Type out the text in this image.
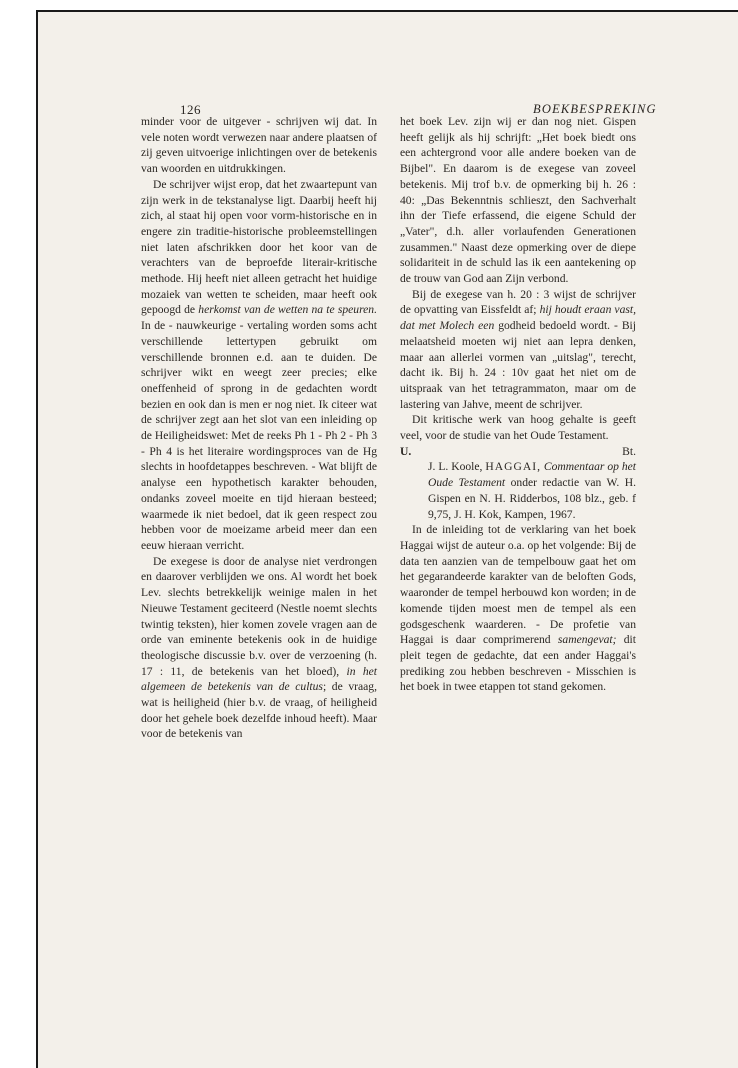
126	BOEKBESPREKING

minder voor de uitgever - schrijven wij dat. In vele noten wordt verwezen naar andere plaatsen of zij geven uitvoerige inlichtingen over de betekenis van woorden en uitdrukkingen.

De schrijver wijst erop, dat het zwaartepunt van zijn werk in de tekstanalyse ligt. Daarbij heeft hij zich, al staat hij open voor vorm-historische en in engere zin traditie-historische probleemstellingen niet laten afschrikken door het koor van de verachters van de beproefde literair-kritische methode. Hij heeft niet alleen getracht het huidige mozaiek van wetten te scheiden, maar heeft ook gepoogd de herkomst van de wetten na te speuren. In de - nauwkeurige - vertaling worden soms acht verschillende lettertypen gebruikt om verschillende bronnen e.d. aan te duiden. De schrijver wikt en weegt zeer precies; elke oneffenheid of sprong in de gedachten wordt bezien en ook dan is men er nog niet. Ik citeer wat de schrijver zegt aan het slot van een inleiding op de Heiligheidswet: Met de reeks Ph 1 - Ph 2 - Ph 3 - Ph 4 is het literaire wordingsproces van de Hg slechts in hoofdetappes beschreven. - Wat blijft de analyse een hypothetisch karakter behouden, ondanks zoveel moeite en tijd hieraan besteed; waarmede ik niet bedoel, dat ik geen respect zou hebben voor de moeizame arbeid meer dan een eeuw hieraan verricht.

De exegese is door de analyse niet verdrongen en daarover verblijden we ons. Al wordt het boek Lev. slechts betrekkelijk weinige malen in het Nieuwe Testament geciteerd (Nestle noemt slechts twintig teksten), hier komen zovele vragen aan de orde van eminente betekenis ook in de huidige theologische discussie b.v. over de verzoening (h. 17 : 11, de betekenis van het bloed), in het algemeen de betekenis van de cultus; de vraag, wat is heiligheid (hier b.v. de vraag, of heiligheid door het gehele boek dezelfde inhoud heeft). Maar voor de betekenis van

het boek Lev. zijn wij er dan nog niet. Gispen heeft gelijk als hij schrijft: „Het boek biedt ons een achtergrond voor alle andere boeken van de Bijbel". En daarom is de exegese van zoveel betekenis. Mij trof b.v. de opmerking bij h. 26 : 40: „Das Bekenntnis schlieszt, den Sachverhalt ihn der Tiefe erfassend, die eigene Schuld der „Vater", d.h. aller vorlaufenden Generationen zusammen." Naast deze opmerking over de diepe solidariteit in de schuld las ik een aantekening op de trouw van God aan Zijn verbond.

Bij de exegese van h. 20 : 3 wijst de schrijver de opvatting van Eissfeldt af; hij houdt eraan vast, dat met Molech een godheid bedoeld wordt. - Bij melaatsheid moeten wij niet aan lepra denken, maar aan allerlei vormen van „uitslag", terecht, dacht ik. Bij h. 24 : 10v gaat het niet om de uitspraak van het tetragrammaton, maar om de lastering van Jahve, meent de schrijver.

Dit kritische werk van hoog gehalte is geeft veel, voor de studie van het Oude Testament.

U.	Bt.

J. L. Koole, HAGGAI, Commentaar op het Oude Testament onder redactie van W. H. Gispen en N. H. Ridderbos, 108 blz., geb. f 9,75, J. H. Kok, Kampen, 1967.

In de inleiding tot de verklaring van het boek Haggai wijst de auteur o.a. op het volgende: Bij de data ten aanzien van de tempelbouw gaat het om het gegarandeerde karakter van de beloften Gods, waaronder de tempel herbouwd kon worden; in de komende tijden moest men de tempel als een godsgeschenk waarderen. - De profetie van Haggai is daar comprimerend samengevat; dit pleit tegen de gedachte, dat een ander Haggai's prediking zou hebben beschreven - Misschien is het boek in twee etappen tot stand gekomen.
